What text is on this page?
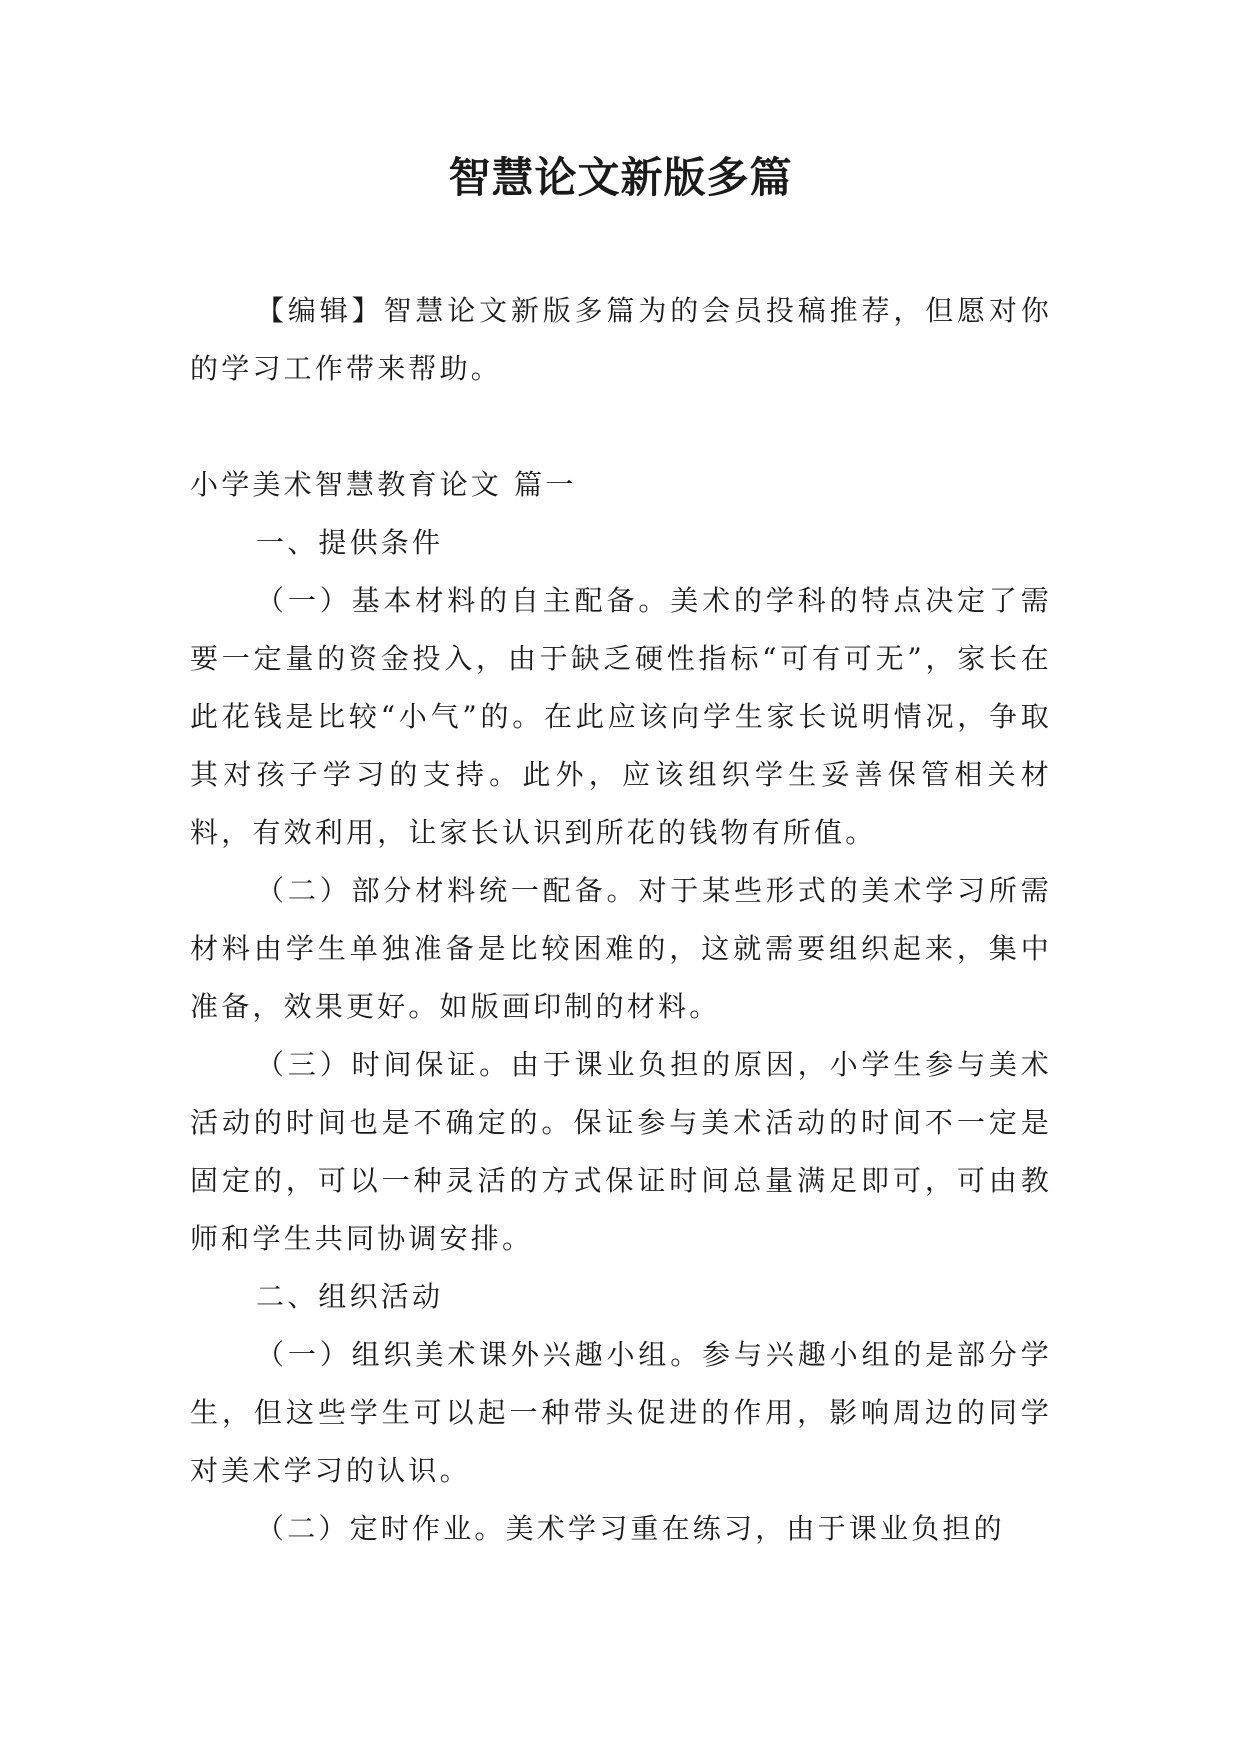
智慧论文新版多篇

【编辑】智慧论文新版多篇为的会员投稿推荐，但愿对你的学习工作带来帮助。

小学美术智慧教育论文 篇一

一、提供条件

（一）基本材料的自主配备。美术的学科的特点决定了需要一定量的资金投入，由于缺乏硬性指标“可有可无”，家长在此花钱是比较“小气”的。在此应该向学生家长说明情况，争取其对孩子学习的支持。此外，应该组织学生妥善保管相关材料，有效利用，让家长认识到所花的钱物有所值。

（二）部分材料统一配备。对于某些形式的美术学习所需材料由学生单独准备是比较困难的，这就需要组织起来，集中准备，效果更好。如版画印制的材料。

（三）时间保证。由于课业负担的原因，小学生参与美术活动的时间也是不确定的。保证参与美术活动的时间不一定是固定的，可以一种灵活的方式保证时间总量满足即可，可由教师和学生共同协调安排。

二、组织活动

（一）组织美术课外兴趣小组。参与兴趣小组的是部分学生，但这些学生可以起一种带头促进的作用，影响周边的同学对美术学习的认识。

（二）定时作业。美术学习重在练习，由于课业负担的
